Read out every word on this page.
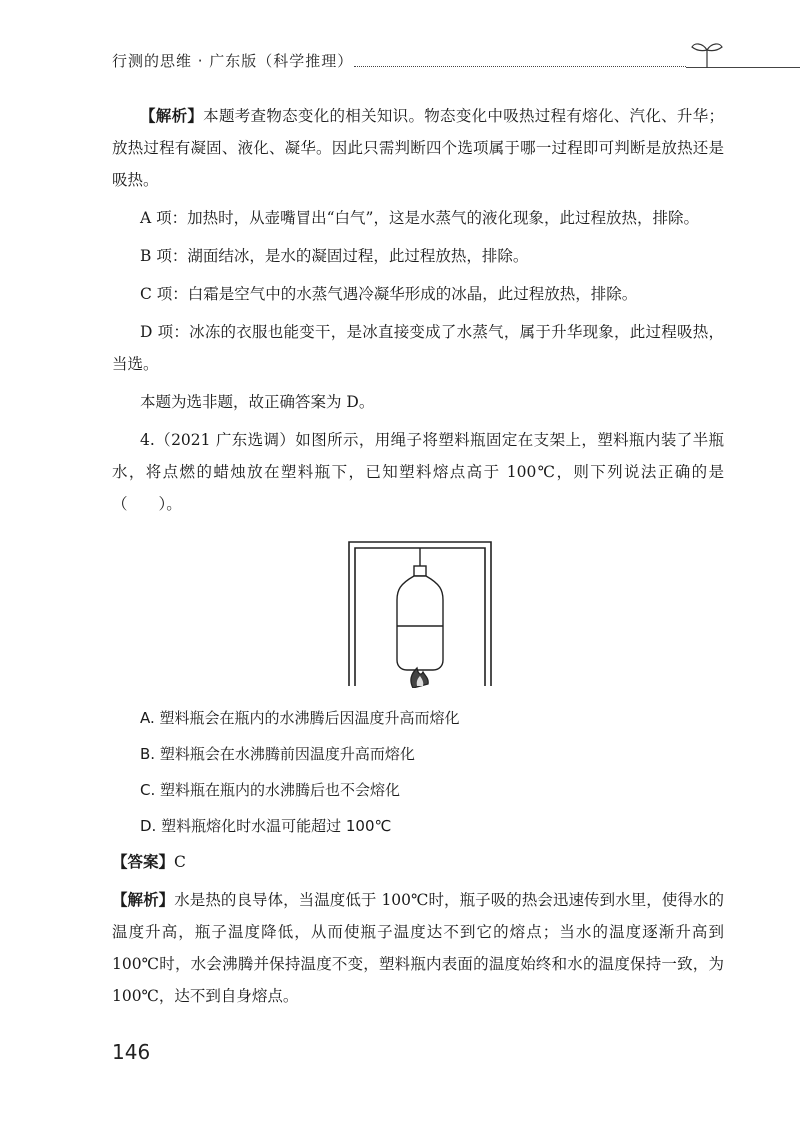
行测的思维 · 广东版（科学推理）

【解析】本题考查物态变化的相关知识。物态变化中吸热过程有熔化、汽化、升华；放热过程有凝固、液化、凝华。因此只需判断四个选项属于哪一过程即可判断是放热还是吸热。

A 项：加热时，从壶嘴冒出“白气”，这是水蒸气的液化现象，此过程放热，排除。

B 项：湖面结冰，是水的凝固过程，此过程放热，排除。

C 项：白霜是空气中的水蒸气遇冷凝华形成的冰晶，此过程放热，排除。

D 项：冰冻的衣服也能变干，是冰直接变成了水蒸气，属于升华现象，此过程吸热，当选。

本题为选非题，故正确答案为 D。

4.（2021 广东选调）如图所示，用绳子将塑料瓶固定在支架上，塑料瓶内装了半瓶水，将点燃的蜡烛放在塑料瓶下，已知塑料熔点高于 100℃，则下列说法正确的是（　　）。

A. 塑料瓶会在瓶内的水沸腾后因温度升高而熔化

B. 塑料瓶会在水沸腾前因温度升高而熔化

C. 塑料瓶在瓶内的水沸腾后也不会熔化

D. 塑料瓶熔化时水温可能超过 100℃

【答案】C

【解析】水是热的良导体，当温度低于 100℃时，瓶子吸的热会迅速传到水里，使得水的温度升高，瓶子温度降低，从而使瓶子温度达不到它的熔点；当水的温度逐渐升高到 100℃时，水会沸腾并保持温度不变，塑料瓶内表面的温度始终和水的温度保持一致，为 100℃，达不到自身熔点。

146
